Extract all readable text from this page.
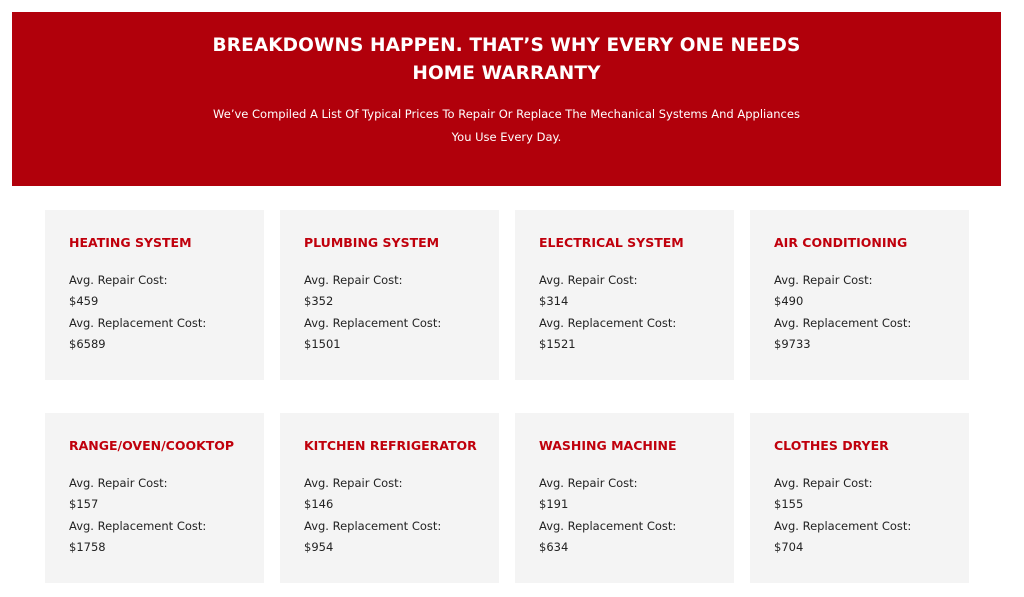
BREAKDOWNS HAPPEN. THAT’S WHY EVERY ONE NEEDS HOME WARRANTY
We’ve Compiled A List Of Typical Prices To Repair Or Replace The Mechanical Systems And Appliances You Use Every Day.
HEATING SYSTEM
Avg. Repair Cost:
$459
Avg. Replacement Cost:
$6589
PLUMBING SYSTEM
Avg. Repair Cost:
$352
Avg. Replacement Cost:
$1501
ELECTRICAL SYSTEM
Avg. Repair Cost:
$314
Avg. Replacement Cost:
$1521
AIR CONDITIONING
Avg. Repair Cost:
$490
Avg. Replacement Cost:
$9733
RANGE/OVEN/COOKTOP
Avg. Repair Cost:
$157
Avg. Replacement Cost:
$1758
KITCHEN REFRIGERATOR
Avg. Repair Cost:
$146
Avg. Replacement Cost:
$954
WASHING MACHINE
Avg. Repair Cost:
$191
Avg. Replacement Cost:
$634
CLOTHES DRYER
Avg. Repair Cost:
$155
Avg. Replacement Cost:
$704
